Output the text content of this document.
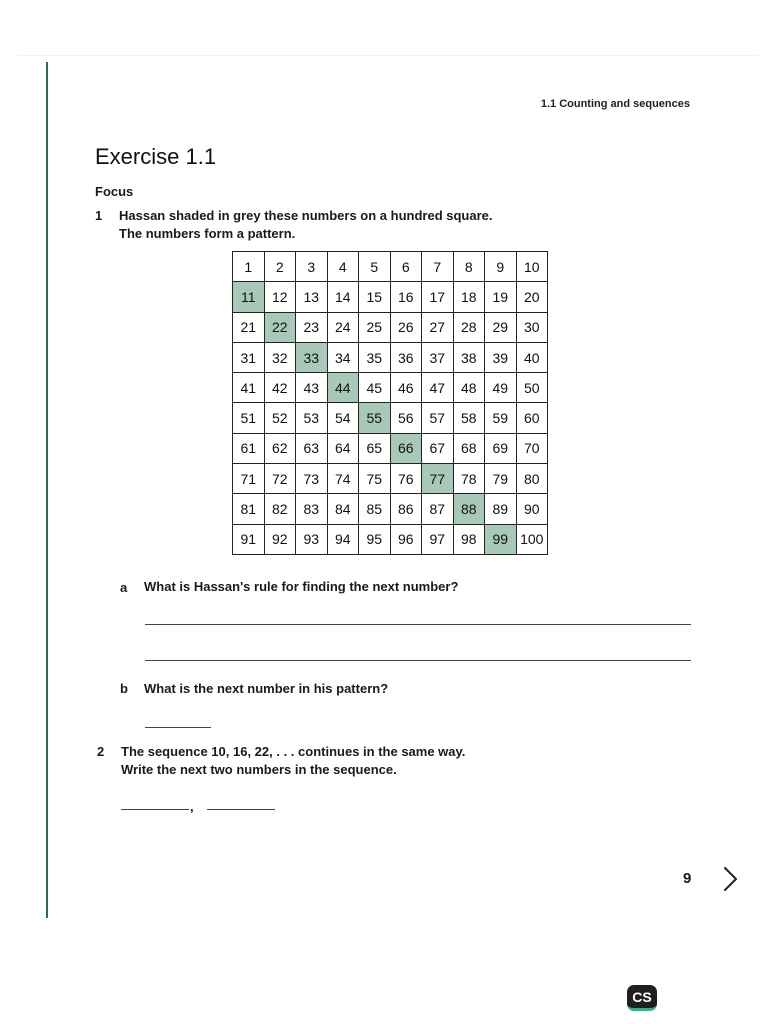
1.1 Counting and sequences
Exercise 1.1
Focus
1 Hassan shaded in grey these numbers on a hundred square.
The numbers form a pattern.
1	2	3	4	5	6	7	8	9	10
11	12	13	14	15	16	17	18	19	20
21	22	23	24	25	26	27	28	29	30
31	32	33	34	35	36	37	38	39	40
41	42	43	44	45	46	47	48	49	50
51	52	53	54	55	56	57	58	59	60
61	62	63	64	65	66	67	68	69	70
71	72	73	74	75	76	77	78	79	80
81	82	83	84	85	86	87	88	89	90
91	92	93	94	95	96	97	98	99	100
a What is Hassan's rule for finding the next number?
b What is the next number in his pattern?
2 The sequence 10, 16, 22, . . . continues in the same way.
Write the next two numbers in the sequence.
,
9
CS
